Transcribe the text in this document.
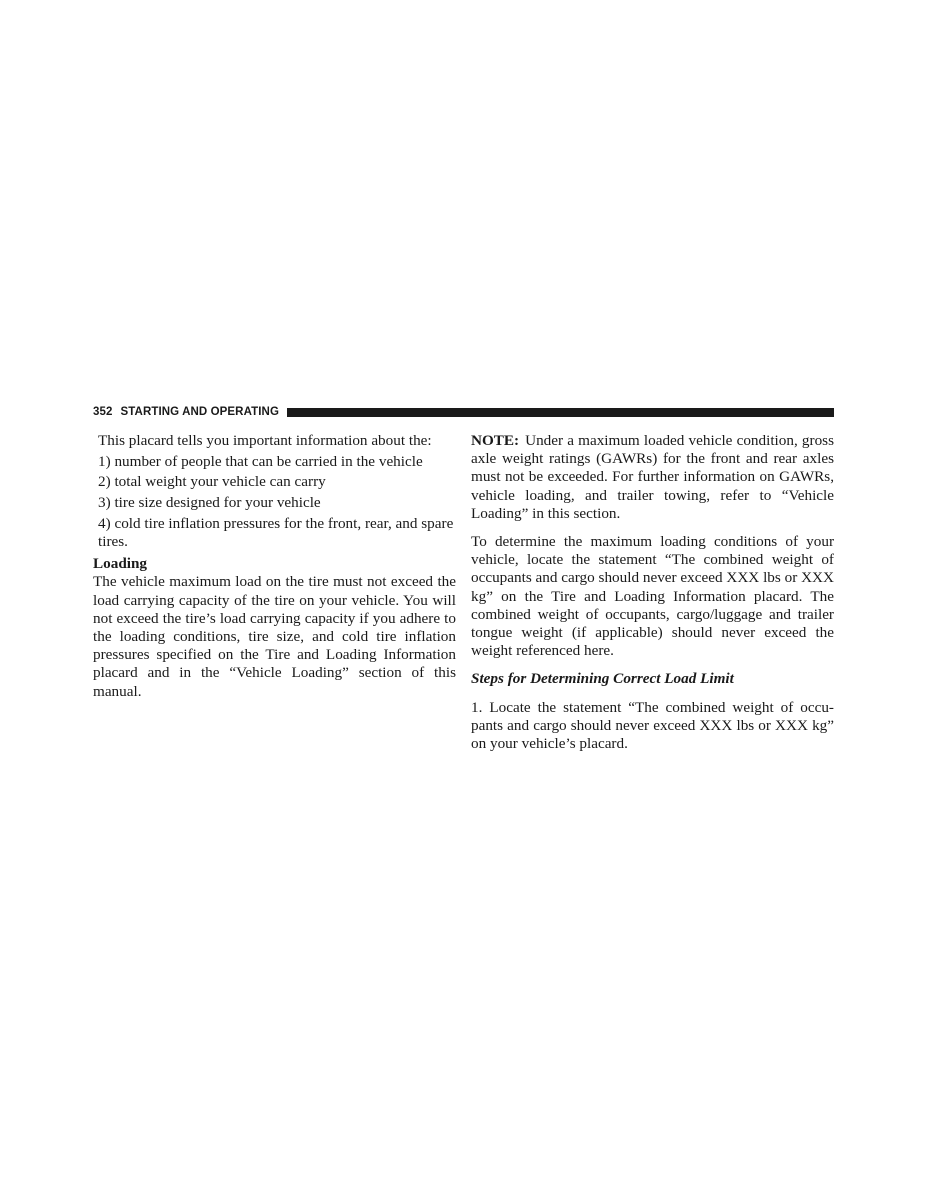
352 STARTING AND OPERATING

This placard tells you important information about the:

1) number of people that can be carried in the vehicle

2) total weight your vehicle can carry

3) tire size designed for your vehicle

4) cold tire inflation pressures for the front, rear, and spare tires.

Loading

The vehicle maximum load on the tire must not exceed the load carrying capacity of the tire on your vehicle. You will not exceed the tire’s load carrying capacity if you adhere to the loading conditions, tire size, and cold tire inflation pressures specified on the Tire and Loading Information placard and in the “Vehicle Loading” section of this manual.

NOTE: Under a maximum loaded vehicle condition, gross axle weight ratings (GAWRs) for the front and rear axles must not be exceeded. For further information on GAWRs, vehicle loading, and trailer towing, refer to “Vehicle Loading” in this section.

To determine the maximum loading conditions of your vehicle, locate the statement “The combined weight of occupants and cargo should never exceed XXX lbs or XXX kg” on the Tire and Loading Information placard. The combined weight of occupants, cargo/luggage and trailer tongue weight (if applicable) should never exceed the weight referenced here.

Steps for Determining Correct Load Limit

1. Locate the statement “The combined weight of occu-pants and cargo should never exceed XXX lbs or XXX kg” on your vehicle’s placard.
